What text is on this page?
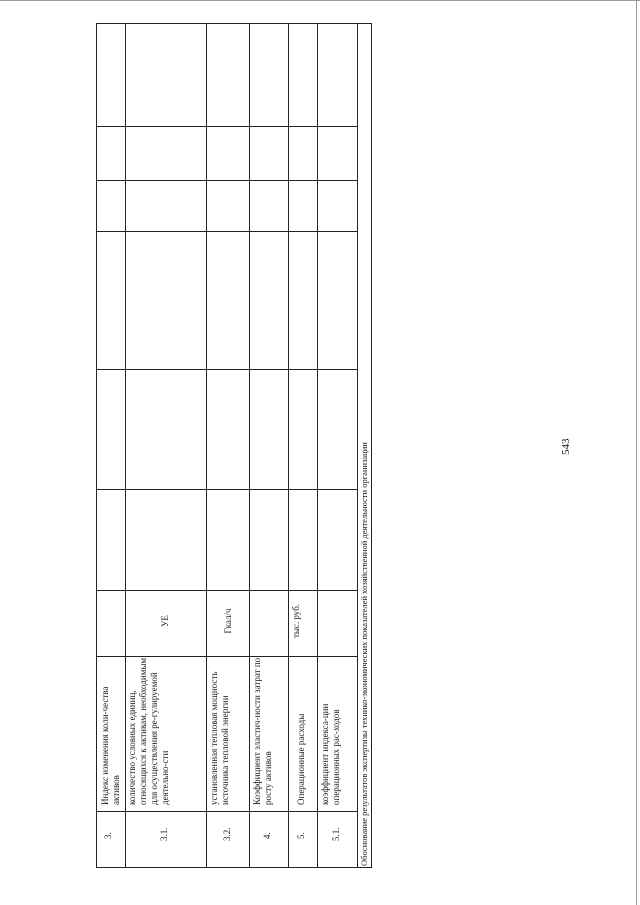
543
3.
Индекс изменения коли-чества активов
3.1.
количество условных единиц, относящихся к активам, необходимым для осуществления ре-гулируемой деятельно-сти
УЕ
3.2.
установленная тепловая мощность источника тепловой энергии
Гкал/ч
4.
Коэффициент эластич-ности затрат по росту активов
5.
Операционные расходы
тыс. руб.
5.1.
коэффициент индекса-ции операционных рас-ходов Обоснование результатов экспертизы технико-экономических показателей хозяйственной деятельности организации
